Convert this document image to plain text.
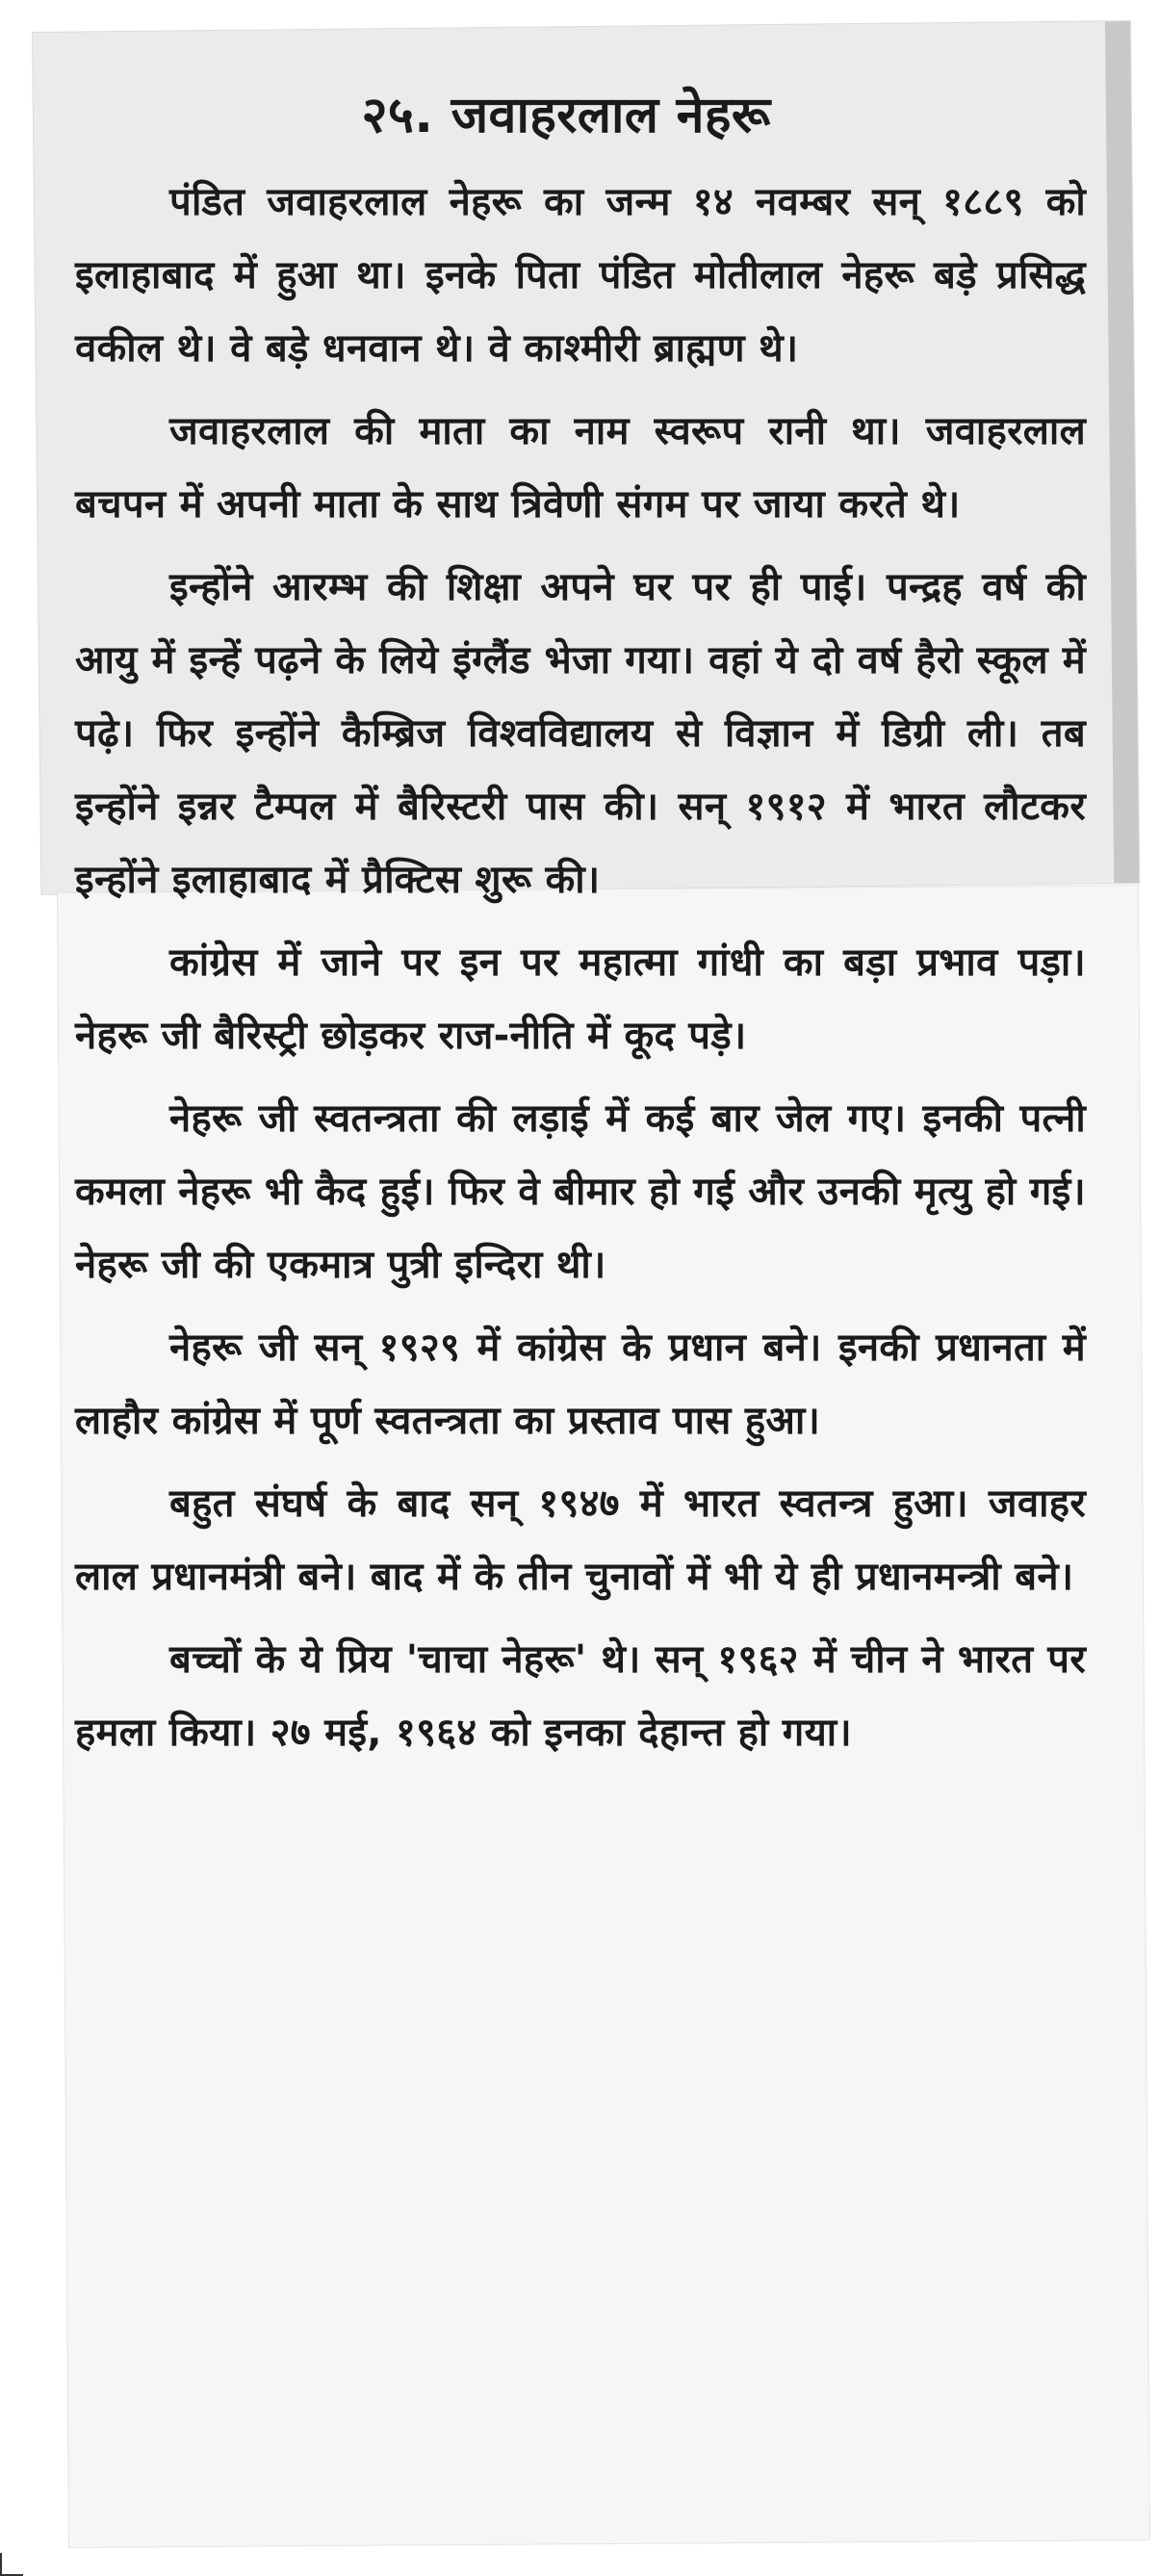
२५. जवाहरलाल नेहरू

पंडित जवाहरलाल नेहरू का जन्म १४ नवम्बर सन् १८८९ को इलाहाबाद में हुआ था। इनके पिता पंडित मोतीलाल नेहरू बड़े प्रसिद्ध वकील थे। वे बड़े धनवान थे। वे काश्मीरी ब्राह्मण थे।

जवाहरलाल की माता का नाम स्वरूप रानी था। जवाहरलाल बचपन में अपनी माता के साथ त्रिवेणी संगम पर जाया करते थे।

इन्होंने आरम्भ की शिक्षा अपने घर पर ही पाई। पन्द्रह वर्ष की आयु में इन्हें पढ़ने के लिये इंग्लैंड भेजा गया। वहां ये दो वर्ष हैरो स्कूल में पढ़े। फिर इन्होंने कैम्ब्रिज विश्वविद्यालय से विज्ञान में डिग्री ली। तब इन्होंने इन्नर टैम्पल में बैरिस्टरी पास की। सन् १९१२ में भारत लौटकर इन्होंने इलाहाबाद में प्रैक्टिस शुरू की।

कांग्रेस में जाने पर इन पर महात्मा गांधी का बड़ा प्रभाव पड़ा। नेहरू जी बैरिस्ट्री छोड़कर राज-नीति में कूद पड़े।

नेहरू जी स्वतन्त्रता की लड़ाई में कई बार जेल गए। इनकी पत्नी कमला नेहरू भी कैद हुई। फिर वे बीमार हो गई और उनकी मृत्यु हो गई। नेहरू जी की एकमात्र पुत्री इन्दिरा थी।

नेहरू जी सन् १९२९ में कांग्रेस के प्रधान बने। इनकी प्रधानता में लाहौर कांग्रेस में पूर्ण स्वतन्त्रता का प्रस्ताव पास हुआ।

बहुत संघर्ष के बाद सन् १९४७ में भारत स्वतन्त्र हुआ। जवाहर लाल प्रधानमंत्री बने। बाद में के तीन चुनावों में भी ये ही प्रधानमन्त्री बने।

बच्चों के ये प्रिय 'चाचा नेहरू' थे। सन् १९६२ में चीन ने भारत पर हमला किया। २७ मई, १९६४ को इनका देहान्त हो गया।
